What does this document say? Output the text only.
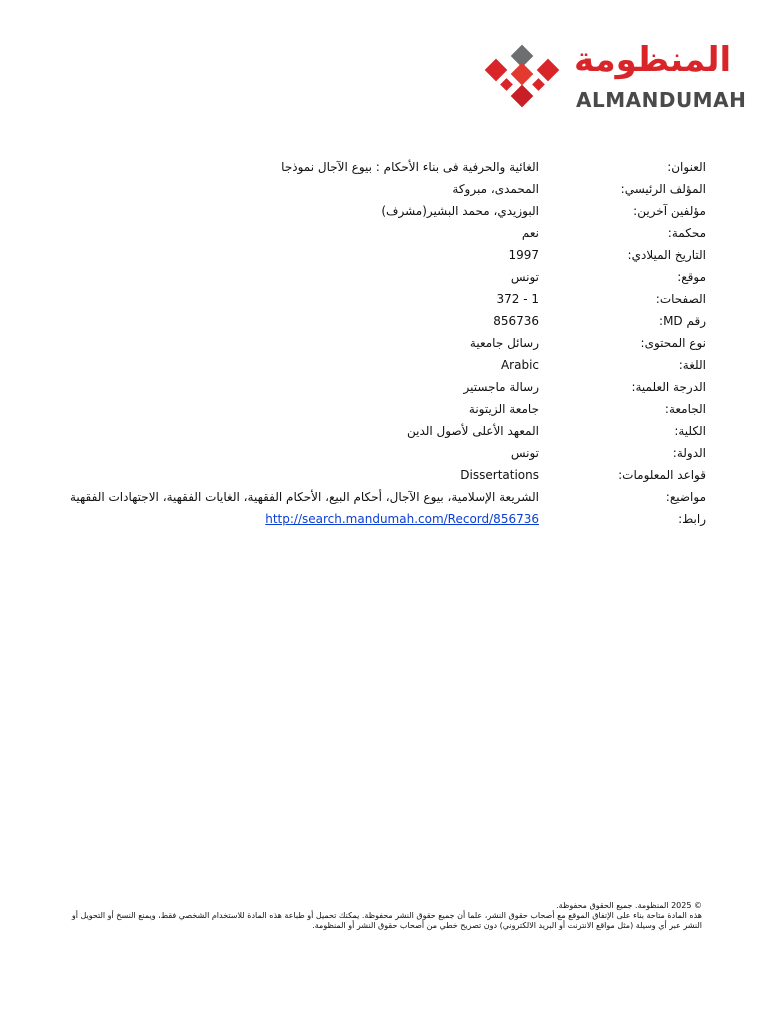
المنظومة
ALMANDUMAH
العنوان:
الغائية والحرفية فى بناء الأحكام : بيوع الآجال نموذجا
المؤلف الرئيسي:
المحمدى، مبروكة
مؤلفين آخرين:
البوزيدي، محمد البشير(مشرف)
محكمة:
نعم
التاريخ الميلادي:
1997
موقع:
تونس
الصفحات:
1 - 372
رقم MD:
856736
نوع المحتوى:
رسائل جامعية
اللغة:
Arabic
الدرجة العلمية:
رسالة ماجستير
الجامعة:
جامعة الزيتونة
الكلية:
المعهد الأعلى لأصول الدين
الدولة:
تونس
قواعد المعلومات:
Dissertations
مواضيع:
الشريعة الإسلامية، بيوع الآجال، أحكام البيع، الأحكام الفقهية، الغايات الفقهية، الاجتهادات الفقهية
رابط:
http://search.mandumah.com/Record/856736
© 2025 المنظومة. جميع الحقوق محفوظة.
هذه المادة متاحة بناء على الإتفاق الموقع مع أصحاب حقوق النشر، علما أن جميع حقوق النشر محفوظة. يمكنك تحميل أو طباعة هذه المادة للاستخدام الشخصي فقط، ويمنع النسخ أو التحويل أو النشر عبر أي وسيلة (مثل مواقع الانترنت أو البريد الالكتروني) دون تصريح خطي من أصحاب حقوق النشر أو المنظومة.
